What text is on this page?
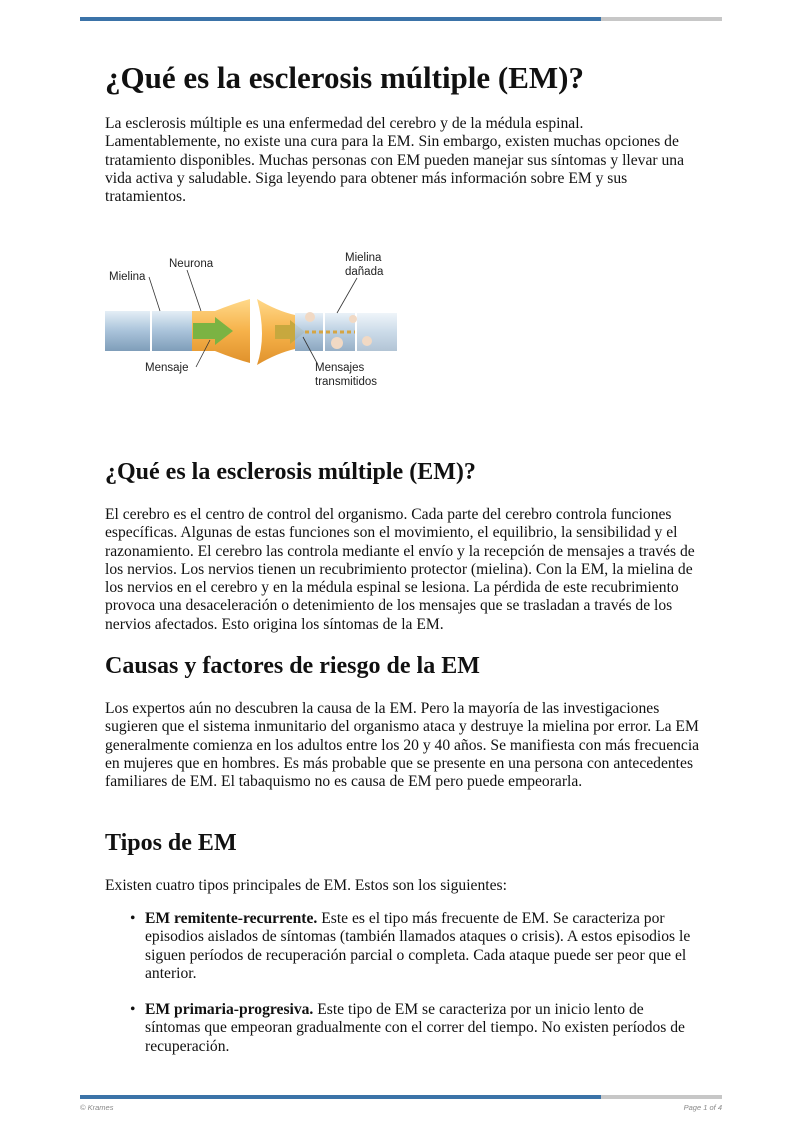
¿Qué es la esclerosis múltiple (EM)?

La esclerosis múltiple es una enfermedad del cerebro y de la médula espinal. Lamentablemente, no existe una cura para la EM. Sin embargo, existen muchas opciones de tratamiento disponibles. Muchas personas con EM pueden manejar sus síntomas y llevar una vida activa y saludable. Siga leyendo para obtener más información sobre EM y sus tratamientos.

Mielina
Neurona	Mielina
dañada
Mensaje	Mensajes
transmitidos
¿Qué es la esclerosis múltiple (EM)?

El cerebro es el centro de control del organismo. Cada parte del cerebro controla funciones específicas. Algunas de estas funciones son el movimiento, el equilibrio, la sensibilidad y el razonamiento. El cerebro las controla mediante el envío y la recepción de mensajes a través de los nervios. Los nervios tienen un recubrimiento protector (mielina). Con la EM, la mielina de los nervios en el cerebro y en la médula espinal se lesiona. La pérdida de este recubrimiento provoca una desaceleración o detenimiento de los mensajes que se trasladan a través de los nervios afectados. Esto origina los síntomas de la EM.

Causas y factores de riesgo de la EM

Los expertos aún no descubren la causa de la EM. Pero la mayoría de las investigaciones sugieren que el sistema inmunitario del organismo ataca y destruye la mielina por error. La EM generalmente comienza en los adultos entre los 20 y 40 años. Se manifiesta con más frecuencia en mujeres que en hombres. Es más probable que se presente en una persona con antecedentes familiares de EM. El tabaquismo no es causa de EM pero puede empeorarla.

Tipos de EM

Existen cuatro tipos principales de EM. Estos son los siguientes:

• EM remitente-recurrente. Este es el tipo más frecuente de EM. Se caracteriza por episodios aislados de síntomas (también llamados ataques o crisis). A estos episodios le siguen períodos de recuperación parcial o completa. Cada ataque puede ser peor que el anterior.
• EM primaria-progresiva. Este tipo de EM se caracteriza por un inicio lento de síntomas que empeoran gradualmente con el correr del tiempo. No existen períodos de recuperación.
© Krames	Page 1 of 4
